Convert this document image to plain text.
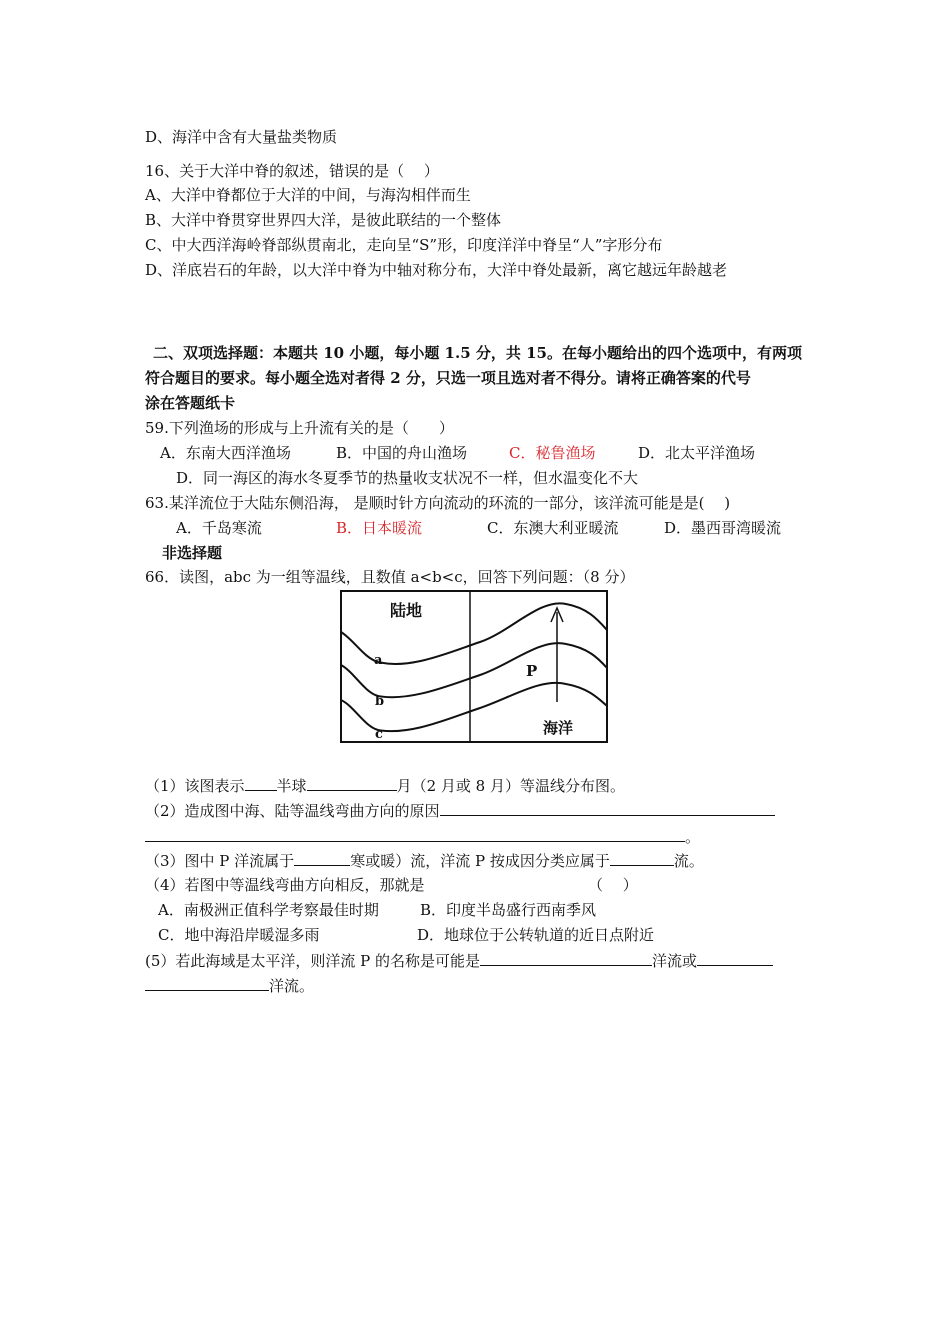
D、海洋中含有大量盐类物质
16、关于大洋中脊的叙述，错误的是（　 ）
A、大洋中脊都位于大洋的中间，与海沟相伴而生
B、大洋中脊贯穿世界四大洋，是彼此联结的一个整体
C、中大西洋海岭脊部纵贯南北，走向呈“S”形，印度洋洋中脊呈“人”字形分布
D、洋底岩石的年龄，以大洋中脊为中轴对称分布，大洋中脊处最新，离它越远年龄越老
二、双项选择题：本题共 10 小题，每小题 1.5 分，共 15。在每小题给出的四个选项中，有两项
符合题目的要求。每小题全选对者得 2 分，只选一项且选对者不得分。请将正确答案的代号
涂在答题纸卡
59.下列渔场的形成与上升流有关的是（　　）
A．东南大西洋渔场	B．中国的舟山渔场	C．秘鲁渔场	D．北太平洋渔场
D．同一海区的海水冬夏季节的热量收支状况不一样，但水温变化不大
63.某洋流位于大陆东侧沿海， 是顺时针方向流动的环流的一部分，该洋流可能是是(　 )
A．千岛寒流	B．日本暖流	C．东澳大利亚暖流	D．墨西哥湾暖流
非选择题
66．读图，abc 为一组等温线，且数值 a<b<c，回答下列问题：（8 分）
陆地
海洋
P
a
b
c
（1）该图表示 半球	月（2 月或 8 月）等温线分布图。
（2）造成图中海、陆等温线弯曲方向的原因
。
（3）图中 P 洋流属于	寒或暖）流，洋流 P 按成因分类应属于	流。
（4）若图中等温线弯曲方向相反，那就是	（　 ）
A．南极洲正值科学考察最佳时期	B．印度半岛盛行西南季风
C．地中海沿岸暖湿多雨	D．地球位于公转轨道的近日点附近
(5）若此海域是太平洋，则洋流 P 的名称是可能是	洋流或
洋流。
